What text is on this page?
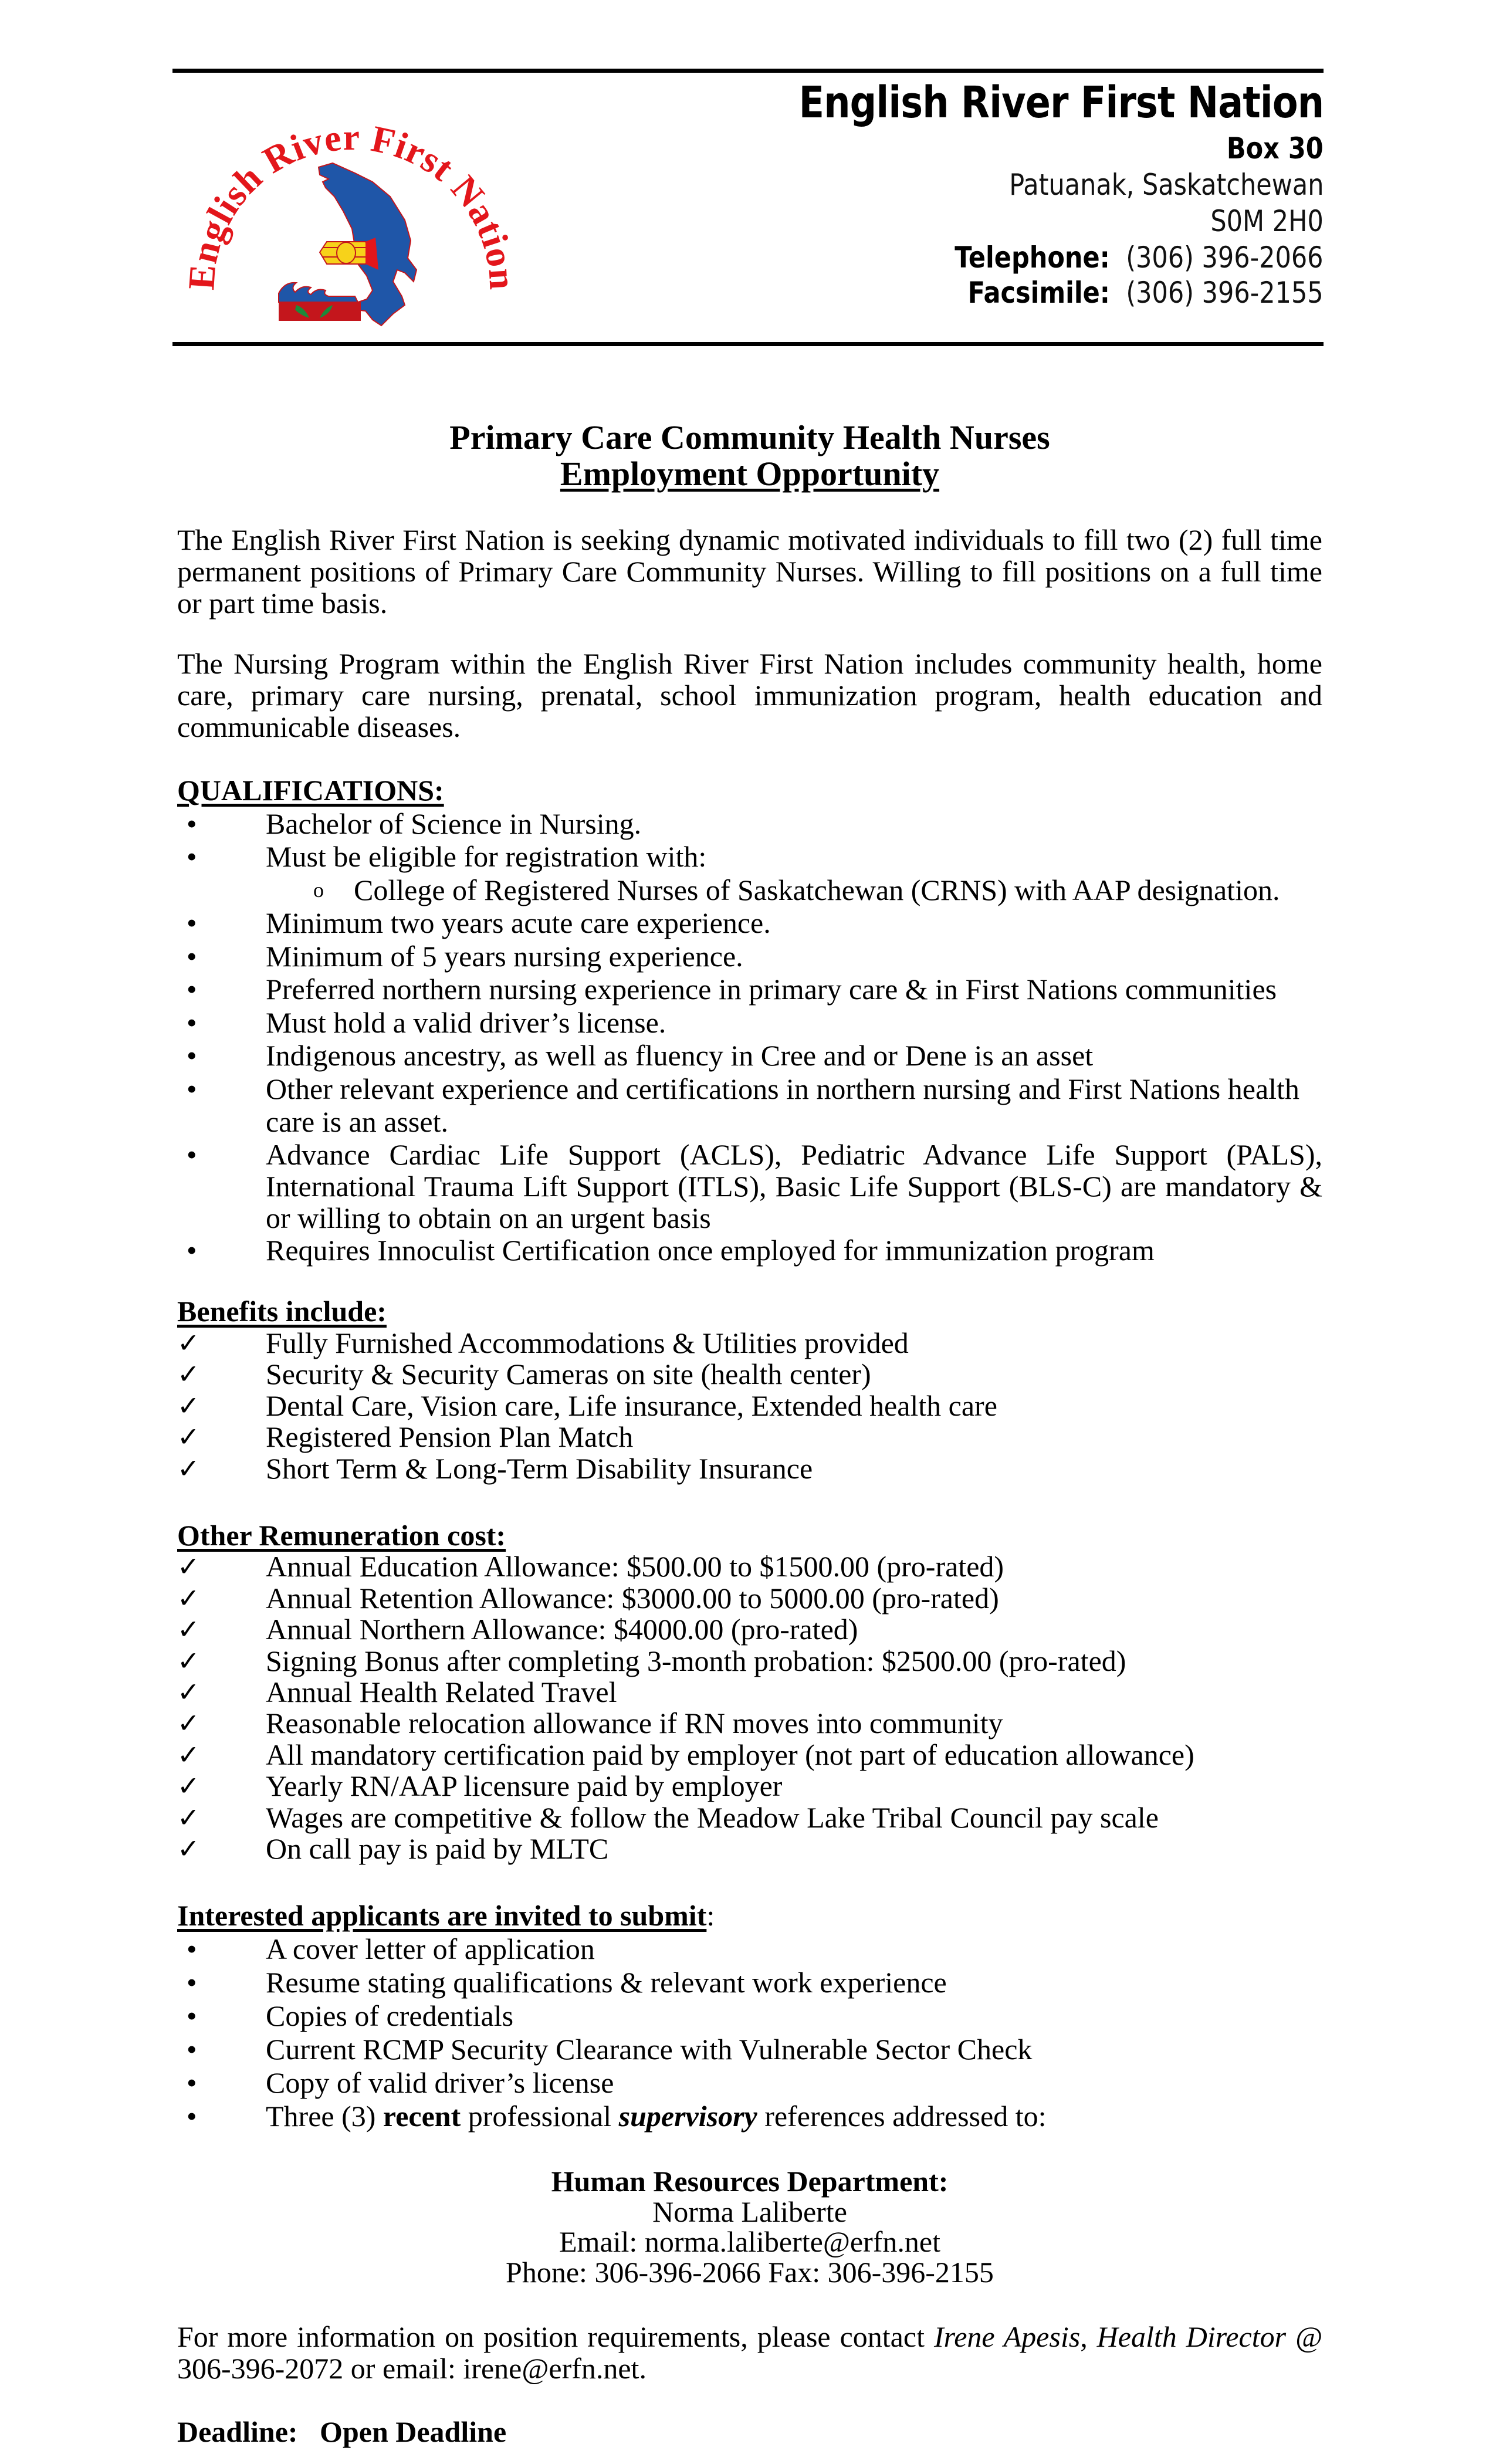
English River First Nation
English River First Nation
Box 30
Patuanak, Saskatchewan
S0M 2H0
Telephone: (306) 396-2066
Facsimile: (306) 396-2155
Primary Care Community Health Nurses
Employment Opportunity

The English River First Nation is seeking dynamic motivated individuals to fill two (2) full time permanent positions of Primary Care Community Nurses. Willing to fill positions on a full time or part time basis.

The Nursing Program within the English River First Nation includes community health, home care, primary care nursing, prenatal, school immunization program, health education and communicable diseases.

QUALIFICATIONS:
•	Bachelor of Science in Nursing.
•	Must be eligible for registration with:
o	College of Registered Nurses of Saskatchewan (CRNS) with AAP designation.
•	Minimum two years acute care experience.
•	Minimum of 5 years nursing experience.
•	Preferred northern nursing experience in primary care & in First Nations communities
•	Must hold a valid driver’s license.
•	Indigenous ancestry, as well as fluency in Cree and or Dene is an asset
•	Other relevant experience and certifications in northern nursing and First Nations health care is an asset.
•	Advance Cardiac Life Support (ACLS), Pediatric Advance Life Support (PALS), International Trauma Lift Support (ITLS), Basic Life Support (BLS-C) are mandatory & or willing to obtain on an urgent basis
•	Requires Innoculist Certification once employed for immunization program
Benefits include:
✓	Fully Furnished Accommodations & Utilities provided
✓	Security & Security Cameras on site (health center)
✓	Dental Care, Vision care, Life insurance, Extended health care
✓	Registered Pension Plan Match
✓	Short Term & Long-Term Disability Insurance
Other Remuneration cost:
✓	Annual Education Allowance: $500.00 to $1500.00 (pro-rated)
✓	Annual Retention Allowance: $3000.00 to 5000.00 (pro-rated)
✓	Annual Northern Allowance: $4000.00 (pro-rated)
✓	Signing Bonus after completing 3-month probation: $2500.00 (pro-rated)
✓	Annual Health Related Travel
✓	Reasonable relocation allowance if RN moves into community
✓	All mandatory certification paid by employer (not part of education allowance)
✓	Yearly RN/AAP licensure paid by employer
✓	Wages are competitive & follow the Meadow Lake Tribal Council pay scale
✓	On call pay is paid by MLTC
Interested applicants are invited to submit:
•	A cover letter of application
•	Resume stating qualifications & relevant work experience
•	Copies of credentials
•	Current RCMP Security Clearance with Vulnerable Sector Check
•	Copy of valid driver’s license
•	Three (3) recent professional supervisory references addressed to:
Human Resources Department:
Norma Laliberte
Email: norma.laliberte@erfn.net
Phone: 306-396-2066 Fax: 306-396-2155

For more information on position requirements, please contact Irene Apesis, Health Director @ 306-396-2072 or email: irene@erfn.net.

Deadline: Open Deadline
